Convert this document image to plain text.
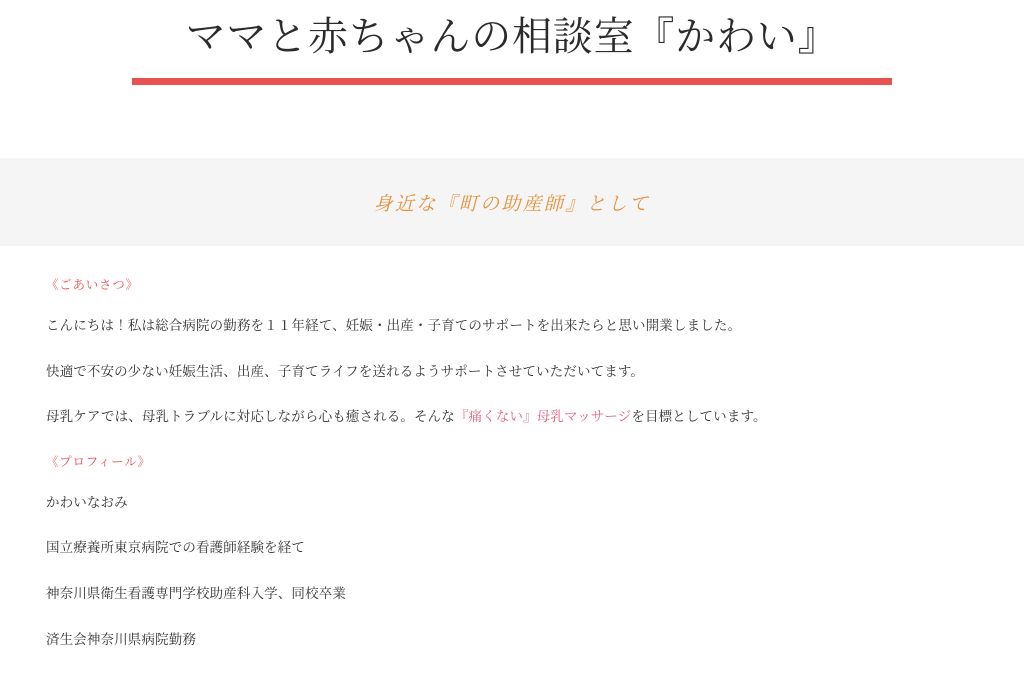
ママと赤ちゃんの相談室『かわい』
身近な『町の助産師』として
《ごあいさつ》

こんにちは！私は総合病院の勤務を１１年経て、妊娠・出産・子育てのサポートを出来たらと思い開業しました。

快適で不安の少ない妊娠生活、出産、子育てライフを送れるようサポートさせていただいてます。

母乳ケアでは、母乳トラブルに対応しながら心も癒される。そんな『痛くない』母乳マッサージを目標としています。

《プロフィール》

かわいなおみ

国立療養所東京病院での看護師経験を経て

神奈川県衛生看護専門学校助産科入学、同校卒業

済生会神奈川県病院勤務
